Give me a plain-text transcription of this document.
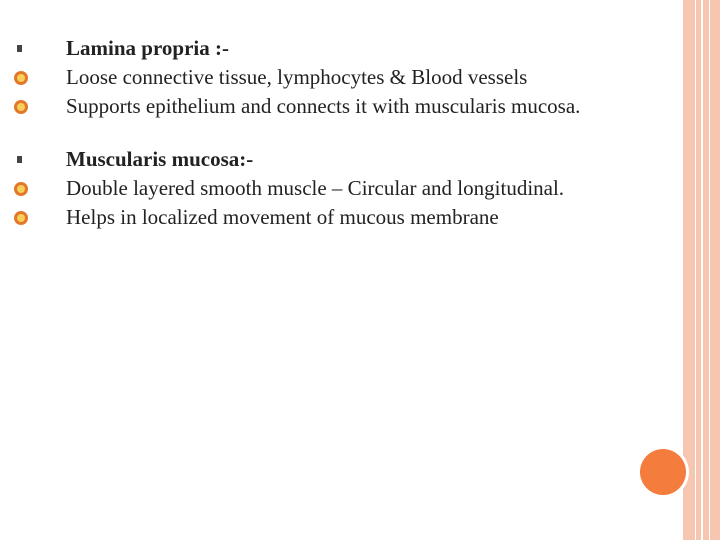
Lamina propria :-
Loose connective tissue, lymphocytes & Blood vessels
Supports epithelium and connects it with muscularis mucosa.
Muscularis mucosa:-
Double layered smooth muscle – Circular and longitudinal.
Helps in localized movement of mucous membrane
